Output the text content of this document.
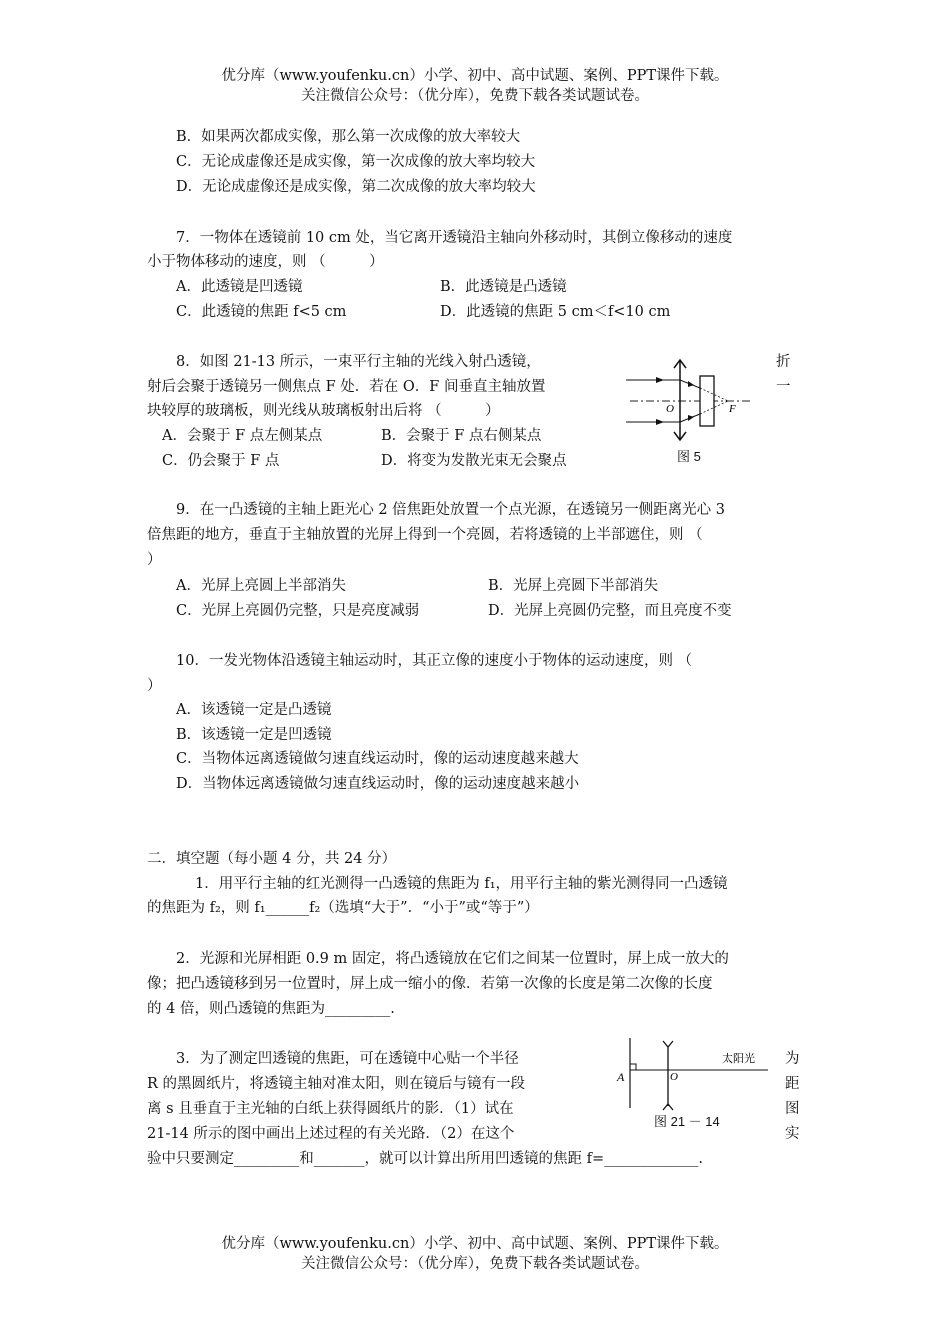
优分库（www.youfenku.cn）小学、初中、高中试题、案例、PPT课件下载。
关注微信公众号：（优分库），免费下载各类试题试卷。
B．如果两次都成实像，那么第一次成像的放大率较大
C．无论成虚像还是成实像，第一次成像的放大率均较大
D．无论成虚像还是成实像，第二次成像的放大率均较大
7．一物体在透镜前 10 cm 处，当它离开透镜沿主轴向外移动时，其倒立像移动的速度
小于物体移动的速度，则 （　　　）
A．此透镜是凹透镜	B．此透镜是凸透镜
C．此透镜的焦距 f<5 cm	D．此透镜的焦距 5 cm＜f<10 cm
8．如图 21-13 所示，一束平行主轴的光线入射凸透镜，	折
射后会聚于透镜另一侧焦点 F 处．若在 O．F 间垂直主轴放置	一
块较厚的玻璃板，则光线从玻璃板射出后将 （　　　）
A．会聚于 F 点左侧某点	B．会聚于 F 点右侧某点
C．仍会聚于 F 点	D．将变为发散光束无会聚点
O	F
图 5
9．在一凸透镜的主轴上距光心 2 倍焦距处放置一个点光源，在透镜另一侧距离光心 3
倍焦距的地方，垂直于主轴放置的光屏上得到一个亮圆，若将透镜的上半部遮住，则 （
）
A．光屏上亮圆上半部消失	B．光屏上亮圆下半部消失
C．光屏上亮圆仍完整，只是亮度减弱	D．光屏上亮圆仍完整，而且亮度不变
10．一发光物体沿透镜主轴运动时，其正立像的速度小于物体的运动速度，则 （
）
A．该透镜一定是凸透镜
B．该透镜一定是凹透镜
C．当物体远离透镜做匀速直线运动时，像的运动速度越来越大
D．当物体远离透镜做匀速直线运动时，像的运动速度越来越小
二．填空题（每小题 4 分，共 24 分）
1．用平行主轴的红光测得一凸透镜的焦距为 f₁，用平行主轴的紫光测得同一凸透镜
的焦距为 f₂，则 f₁______f₂（选填“大于”．“小于”或“等于”）
2．光源和光屏相距 0.9 m 固定，将凸透镜放在它们之间某一位置时，屏上成一放大的
像；把凸透镜移到另一位置时，屏上成一缩小的像．若第一次像的长度是第二次像的长度
的 4 倍，则凸透镜的焦距为_________.
3．为了测定凹透镜的焦距，可在透镜中心贴一个半径	为
R 的黑圆纸片，将透镜主轴对准太阳，则在镜后与镜有一段	距
离 s 且垂直于主光轴的白纸上获得圆纸片的影．（1）试在	图
21-14 所示的图中画出上述过程的有关光路．（2）在这个	实
验中只要测定_________和_______，就可以计算出所用凹透镜的焦距 f=_____________.
A	O
太阳光
图 21 － 14
优分库（www.youfenku.cn）小学、初中、高中试题、案例、PPT课件下载。
关注微信公众号：（优分库），免费下载各类试题试卷。
